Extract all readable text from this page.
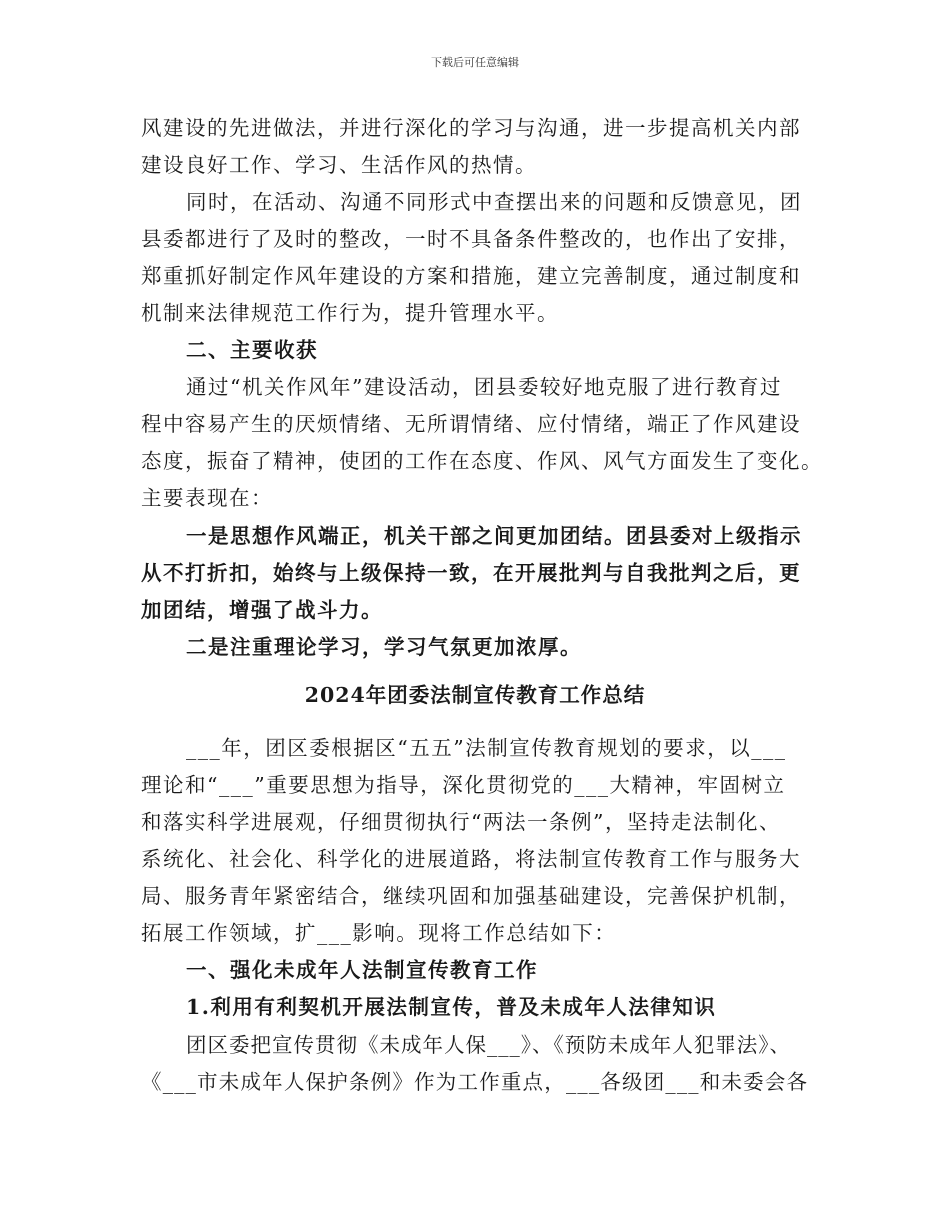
下载后可任意编辑
风建设的先进做法，并进行深化的学习与沟通，进一步提高机关内部
建设良好工作、学习、生活作风的热情。
同时，在活动、沟通不同形式中查摆出来的问题和反馈意见，团
县委都进行了及时的整改，一时不具备条件整改的，也作出了安排，
郑重抓好制定作风年建设的方案和措施，建立完善制度，通过制度和
机制来法律规范工作行为，提升管理水平。
二、主要收获
通过“机关作风年”建设活动，团县委较好地克服了进行教育过
程中容易产生的厌烦情绪、无所谓情绪、应付情绪，端正了作风建设
态度，振奋了精神，使团的工作在态度、作风、风气方面发生了变化。
主要表现在：
一是思想作风端正，机关干部之间更加团结。团县委对上级指示
从不打折扣，始终与上级保持一致，在开展批判与自我批判之后，更
加团结，增强了战斗力。
二是注重理论学习，学习气氛更加浓厚。
2024年团委法制宣传教育工作总结
___年，团区委根据区“五五”法制宣传教育规划的要求，以___
理论和“___”重要思想为指导，深化贯彻党的___大精神，牢固树立
和落实科学进展观，仔细贯彻执行“两法一条例”，坚持走法制化、
系统化、社会化、科学化的进展道路，将法制宣传教育工作与服务大
局、服务青年紧密结合，继续巩固和加强基础建设，完善保护机制，
拓展工作领域，扩___影响。现将工作总结如下：
一、强化未成年人法制宣传教育工作
1.利用有利契机开展法制宣传，普及未成年人法律知识
团区委把宣传贯彻《未成年人保___》、《预防未成年人犯罪法》、
《___市未成年人保护条例》作为工作重点，___各级团___和未委会各
